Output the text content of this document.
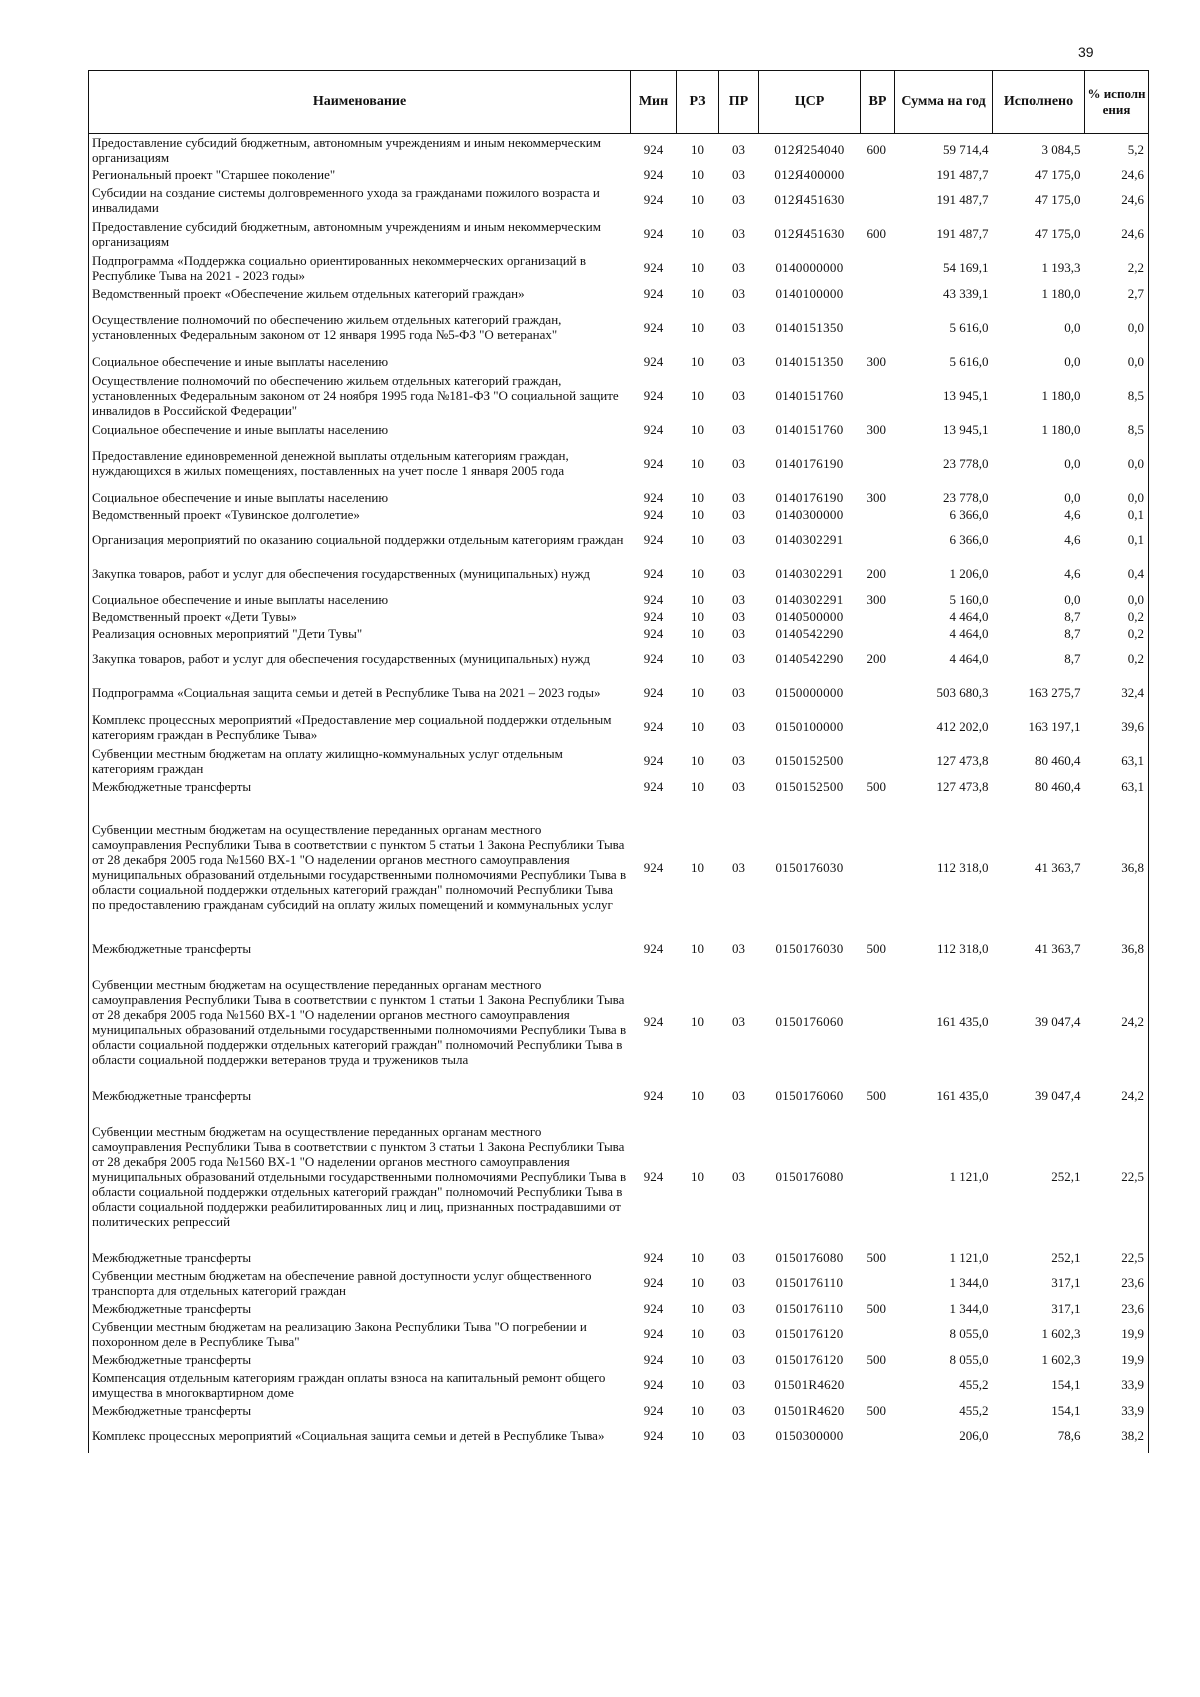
39
Наименование	Мин	РЗ	ПР	ЦСР	ВР	Сумма на год	Исполнено	% исполнения
Предоставление субсидий бюджетным, автономным учреждениям и иным некоммерческим организациям	924	10	03	012Я254040	600	59 714,4	3 084,5	5,2
Региональный проект "Старшее поколение"	924	10	03	012Я400000		191 487,7	47 175,0	24,6
Субсидии на создание системы долговременного ухода за гражданами пожилого возраста и инвалидами	924	10	03	012Я451630		191 487,7	47 175,0	24,6
Предоставление субсидий бюджетным, автономным учреждениям и иным некоммерческим организациям	924	10	03	012Я451630	600	191 487,7	47 175,0	24,6
Подпрограмма «Поддержка социально ориентированных некоммерческих организаций в Республике Тыва на 2021 - 2023 годы»	924	10	03	0140000000		54 169,1	1 193,3	2,2
Ведомственный проект «Обеспечение жильем отдельных категорий граждан»	924	10	03	0140100000		43 339,1	1 180,0	2,7
Осуществление полномочий по обеспечению жильем отдельных категорий граждан, установленных Федеральным законом от 12 января 1995 года №5-ФЗ "О ветеранах"	924	10	03	0140151350		5 616,0	0,0	0,0
Социальное обеспечение и иные выплаты населению	924	10	03	0140151350	300	5 616,0	0,0	0,0
Осуществление полномочий по обеспечению жильем отдельных категорий граждан, установленных Федеральным законом от 24 ноября 1995 года №181-ФЗ "О социальной защите инвалидов в Российской Федерации"	924	10	03	0140151760		13 945,1	1 180,0	8,5
Социальное обеспечение и иные выплаты населению	924	10	03	0140151760	300	13 945,1	1 180,0	8,5
Предоставление единовременной денежной выплаты отдельным категориям граждан, нуждающихся в жилых помещениях, поставленных на учет после 1 января 2005 года	924	10	03	0140176190		23 778,0	0,0	0,0
Социальное обеспечение и иные выплаты населению	924	10	03	0140176190	300	23 778,0	0,0	0,0
Ведомственный проект «Тувинское долголетие»	924	10	03	0140300000		6 366,0	4,6	0,1
Организация мероприятий по оказанию социальной поддержки отдельным категориям граждан	924	10	03	0140302291		6 366,0	4,6	0,1
Закупка товаров, работ и услуг для обеспечения государственных (муниципальных) нужд	924	10	03	0140302291	200	1 206,0	4,6	0,4
Социальное обеспечение и иные выплаты населению	924	10	03	0140302291	300	5 160,0	0,0	0,0
Ведомственный проект «Дети Тувы»	924	10	03	0140500000		4 464,0	8,7	0,2
Реализация основных мероприятий "Дети Тувы"	924	10	03	0140542290		4 464,0	8,7	0,2
Закупка товаров, работ и услуг для обеспечения государственных (муниципальных) нужд	924	10	03	0140542290	200	4 464,0	8,7	0,2
Подпрограмма «Социальная защита семьи и детей в Республике Тыва на 2021 – 2023 годы»	924	10	03	0150000000		503 680,3	163 275,7	32,4
Комплекс процессных мероприятий «Предоставление мер социальной поддержки отдельным категориям граждан в Республике Тыва»	924	10	03	0150100000		412 202,0	163 197,1	39,6
Субвенции местным бюджетам на оплату жилищно-коммунальных услуг отдельным категориям граждан	924	10	03	0150152500		127 473,8	80 460,4	63,1
Межбюджетные трансферты	924	10	03	0150152500	500	127 473,8	80 460,4	63,1
Субвенции местным бюджетам на осуществление переданных органам местного самоуправления Республики Тыва в соответствии с пунктом 5 статьи 1 Закона Республики Тыва от 28 декабря 2005 года №1560 ВХ-1 "О наделении органов местного самоуправления муниципальных образований отдельными государственными полномочиями Республики Тыва в области социальной поддержки отдельных категорий граждан" полномочий Республики Тыва по предоставлению гражданам субсидий на оплату жилых помещений и коммунальных услуг	924	10	03	0150176030		112 318,0	41 363,7	36,8
Межбюджетные трансферты	924	10	03	0150176030	500	112 318,0	41 363,7	36,8
Субвенции местным бюджетам на осуществление переданных органам местного самоуправления Республики Тыва в соответствии с пунктом 1 статьи 1 Закона Республики Тыва от 28 декабря 2005 года №1560 ВХ-1 "О наделении органов местного самоуправления муниципальных образований отдельными государственными полномочиями Республики Тыва в области социальной поддержки отдельных категорий граждан" полномочий Республики Тыва в области социальной поддержки ветеранов труда и тружеников тыла	924	10	03	0150176060		161 435,0	39 047,4	24,2
Межбюджетные трансферты	924	10	03	0150176060	500	161 435,0	39 047,4	24,2
Субвенции местным бюджетам на осуществление переданных органам местного самоуправления Республики Тыва в соответствии с пунктом 3 статьи 1 Закона Республики Тыва от 28 декабря 2005 года №1560 ВХ-1 "О наделении органов местного самоуправления муниципальных образований отдельными государственными полномочиями Республики Тыва в области социальной поддержки отдельных категорий граждан" полномочий Республики Тыва в области социальной поддержки реабилитированных лиц и лиц, признанных пострадавшими от политических репрессий	924	10	03	0150176080		1 121,0	252,1	22,5
Межбюджетные трансферты	924	10	03	0150176080	500	1 121,0	252,1	22,5
Субвенции местным бюджетам на обеспечение равной доступности услуг общественного транспорта для отдельных категорий граждан	924	10	03	0150176110		1 344,0	317,1	23,6
Межбюджетные трансферты	924	10	03	0150176110	500	1 344,0	317,1	23,6
Субвенции местным бюджетам на реализацию Закона Республики Тыва "О погребении и похоронном деле в Республике Тыва"	924	10	03	0150176120		8 055,0	1 602,3	19,9
Межбюджетные трансферты	924	10	03	0150176120	500	8 055,0	1 602,3	19,9
Компенсация отдельным категориям граждан оплаты взноса на капитальный ремонт общего имущества в многоквартирном доме	924	10	03	01501R4620		455,2	154,1	33,9
Межбюджетные трансферты	924	10	03	01501R4620	500	455,2	154,1	33,9
Комплекс процессных мероприятий «Социальная защита семьи и детей в Республике Тыва»	924	10	03	0150300000		206,0	78,6	38,2
